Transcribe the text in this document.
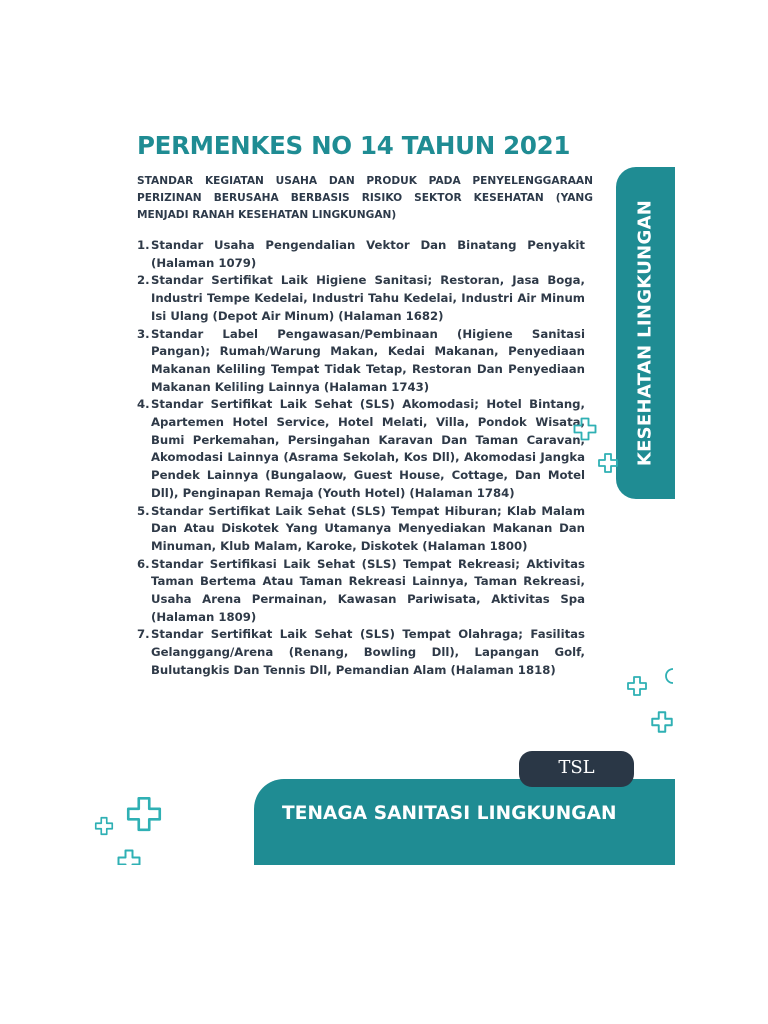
PERMENKES NO 14 TAHUN 2021

STANDAR KEGIATAN USAHA DAN PRODUK PADA PENYELENGGARAAN PERIZINAN BERUSAHA BERBASIS RISIKO SEKTOR KESEHATAN (YANG MENJADI RANAH KESEHATAN LINGKUNGAN)

1. Standar Usaha Pengendalian Vektor Dan Binatang Penyakit (Halaman 1079)
2. Standar Sertifikat Laik Higiene Sanitasi; Restoran, Jasa Boga, Industri Tempe Kedelai, Industri Tahu Kedelai, Industri Air Minum Isi Ulang (Depot Air Minum) (Halaman 1682)
3. Standar Label Pengawasan/Pembinaan (Higiene Sanitasi Pangan); Rumah/Warung Makan, Kedai Makanan, Penyediaan Makanan Keliling Tempat Tidak Tetap, Restoran Dan Penyediaan Makanan Keliling Lainnya (Halaman 1743)
4. Standar Sertifikat Laik Sehat (SLS) Akomodasi; Hotel Bintang, Apartemen Hotel Service, Hotel Melati, Villa, Pondok Wisata, Bumi Perkemahan, Persingahan Karavan Dan Taman Caravan, Akomodasi Lainnya (Asrama Sekolah, Kos Dll), Akomodasi Jangka Pendek Lainnya (Bungalaow, Guest House, Cottage, Dan Motel Dll), Penginapan Remaja (Youth Hotel) (Halaman 1784)
5. Standar Sertifikat Laik Sehat (SLS) Tempat Hiburan; Klab Malam Dan Atau Diskotek Yang Utamanya Menyediakan Makanan Dan Minuman, Klub Malam, Karoke, Diskotek (Halaman 1800)
6. Standar Sertifikasi Laik Sehat (SLS) Tempat Rekreasi; Aktivitas Taman Bertema Atau Taman Rekreasi Lainnya, Taman Rekreasi, Usaha Arena Permainan, Kawasan Pariwisata, Aktivitas Spa (Halaman 1809)
7. Standar Sertifikat Laik Sehat (SLS) Tempat Olahraga; Fasilitas Gelanggang/Arena (Renang, Bowling Dll), Lapangan Golf, Bulutangkis Dan Tennis Dll, Pemandian Alam (Halaman 1818)
KESEHATAN LINGKUNGAN
TENAGA SANITASI LINGKUNGAN
TSL
